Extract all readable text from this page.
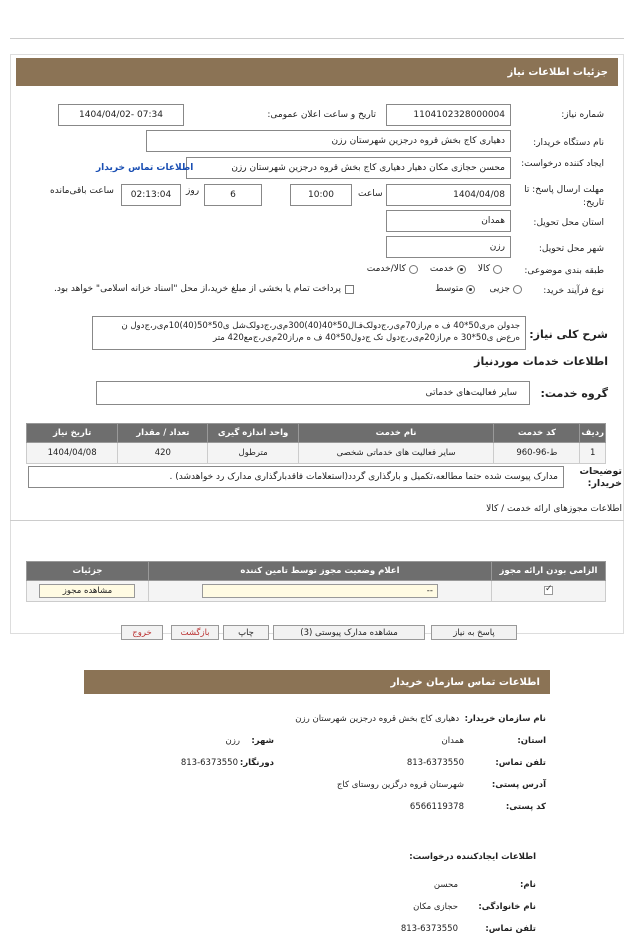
جزئیات اطلاعات نیاز
شماره نیاز:
1104102328000004
تاریخ و ساعت اعلان عمومی:
1404/04/02- 07:34
نام دستگاه خریدار:
دهیاری کاج بخش قروه درجزین شهرستان رزن
ایجاد کننده درخواست:
محسن حجازی مکان دهیار دهیاری کاج بخش قروه درجزین شهرستان رزن
اطلاعات تماس خریدار
مهلت ارسال پاسخ: تا تاریخ:
1404/04/08
ساعت
10:00
6
روز
02:13:04
ساعت باقی‌مانده
استان محل تحویل:
همدان
شهر محل تحویل:
رزن
طبقه بندی موضوعی:
کالا
خدمت
کالا/خدمت
نوع فرآیند خرید:
جزیی
متوسط
پرداخت تمام یا بخشی از مبلغ خرید،از محل "اسناد خزانه اسلامی" خواهد بود.
شرح کلی نیاز:
جدولن ه‌ری50*40 ف ه م‌ر‌از70م‌ی‌ر،ج‌دولک‌فـ‌ال50*40(40)300م‌ی‌ر،ج‌دولک‌شل ی50*50(40)10م‌ی‌ر،ج‌دول ن ه‌رع‌ض ی50*30 ه م‌ر‌از20م‌ی‌ر،ج‌دول تک ج‌دول50*40 ف ه م‌ر‌از20م‌ی‌ر،ج‌مع420 متر
اطلاعات خدمات موردنیاز
گروه خدمت:
سایر فعالیت‌های خدماتی
ردیف	کد خدمت	نام خدمت	واحد اندازه گیری	تعداد / مقدار	تاریخ نیاز
1	ط-96-960	سایر فعالیت های خدماتی شخصی	مترطول	420	1404/04/08
توضیحات خریدار:
مدارک پیوست شده حتما مطالعه،تکمیل و بارگذاری گردد(استعلامات فاقدبارگذاری مدارک رد خواهدشد) .
اطلاعات مجوزهای ارائه خدمت / کالا
الزامی بودن ارائه مجوز	اعلام وضعیت مجوز توسط تامین کننده	جزئیات

✓	--	مشاهده مجوز
پاسخ به نیاز
مشاهده مدارک پیوستی (3)
چاپ
بازگشت
خروج
اطلاعات تماس سازمان خریدار
نام سازمان خریدار:  دهیاری کاج بخش قروه درجزین شهرستان رزن
استان:
همدان
شهر:
رزن
تلفن تماس:
813-6373550
دورنگار:
813-6373550
آدرس پستی:
شهرستان قروه درگزین روستای کاج
کد پستی:
6566119378
اطلاعات ایجادکننده درخواست:
نام:
محسن
نام خانوادگی:
حجازی مکان
تلفن تماس:
813-6373550
